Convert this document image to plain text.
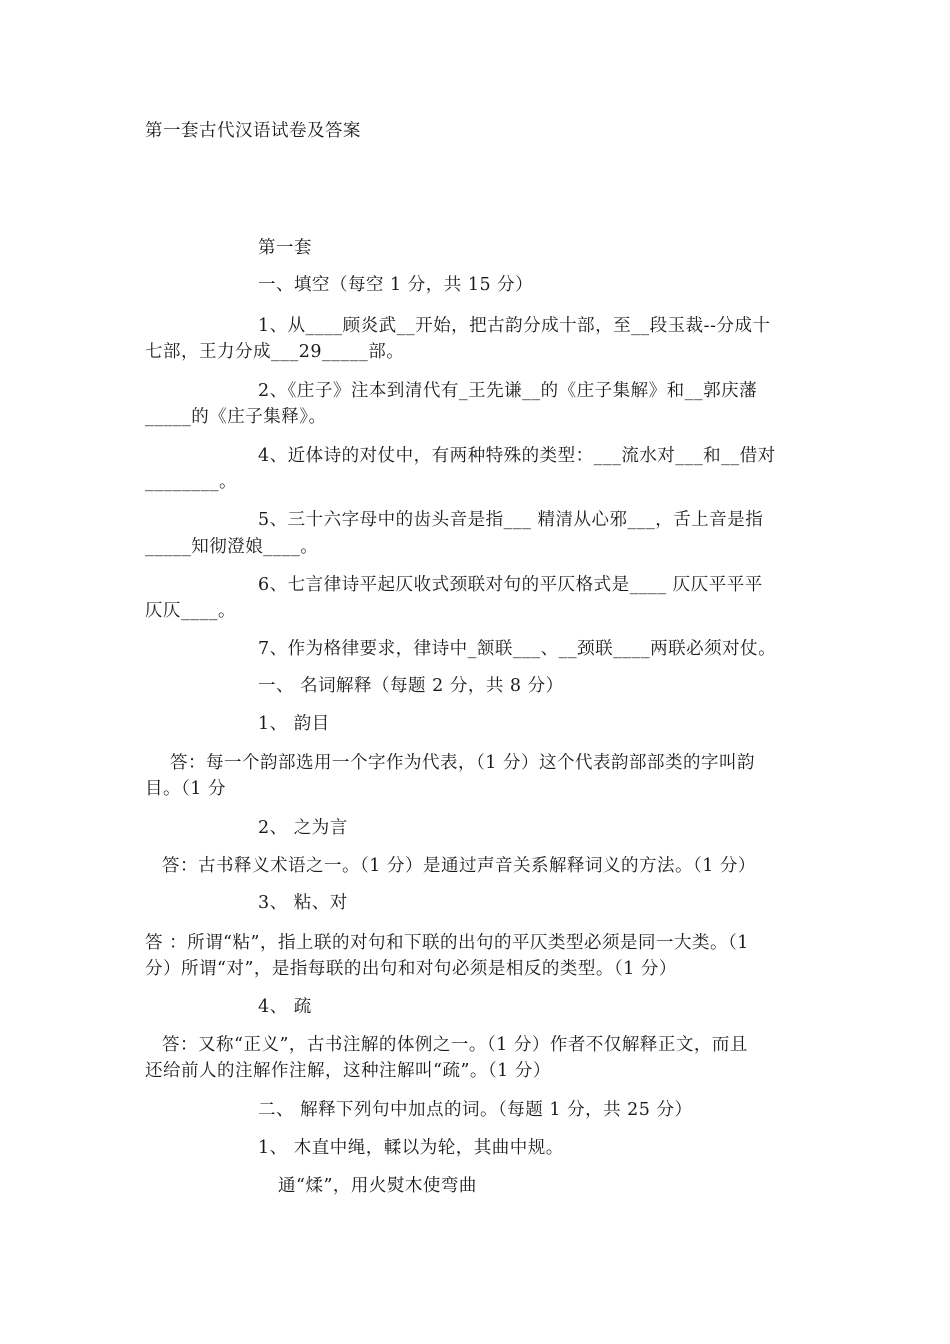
第一套古代汉语试卷及答案
第一套
一、填空（每空 1 分，共 15 分）
1、从____顾炎武__开始，把古韵分成十部，至__段玉裁--分成十
七部，王力分成___29_____部。
2、《庄子》注本到清代有_王先谦__的《庄子集解》和__郭庆藩
_____的《庄子集释》。
4、近体诗的对仗中，有两种特殊的类型：___流水对___和__借对
________。
5、三十六字母中的齿头音是指___ 精清从心邪___，舌上音是指
_____知彻澄娘____。
6、七言律诗平起仄收式颈联对句的平仄格式是____ 仄仄平平平
仄仄____。
7、作为格律要求，律诗中_颔联___、__颈联____两联必须对仗。
一、 名词解释（每题 2 分，共 8 分）
1、 韵目
答：每一个韵部选用一个字作为代表，（1 分）这个代表韵部部类的字叫韵
目。（1 分
2、 之为言
答：古书释义术语之一。（1 分）是通过声音关系解释词义的方法。（1 分）
3、 粘、对
答 ：所谓“粘”，指上联的对句和下联的出句的平仄类型必须是同一大类。（1
分）所谓“对”，是指每联的出句和对句必须是相反的类型。（1 分）
4、 疏
答：又称“正义”，古书注解的体例之一。（1 分）作者不仅解释正文，而且
还给前人的注解作注解，这种注解叫“疏”。（1 分）
二、 解释下列句中加点的词。（每题 1 分，共 25 分）
1、 木直中绳，輮以为轮，其曲中规。
通“煣”，用火熨木使弯曲
